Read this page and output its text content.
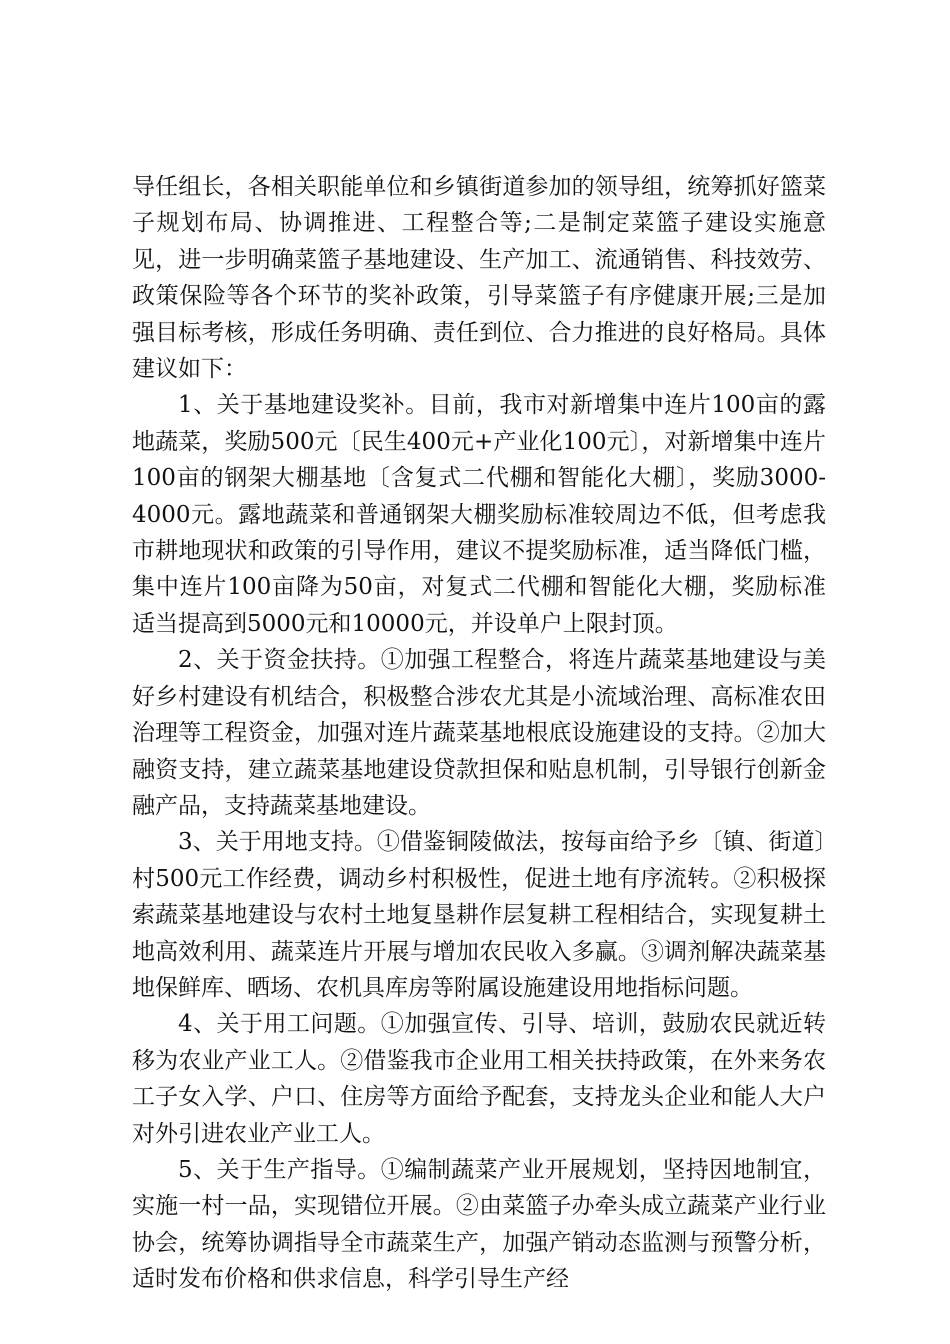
导任组长，各相关职能单位和乡镇街道参加的领导组，统筹抓好篮菜子规划布局、协调推进、工程整合等;二是制定菜篮子建设实施意见，进一步明确菜篮子基地建设、生产加工、流通销售、科技效劳、政策保险等各个环节的奖补政策，引导菜篮子有序健康开展;三是加强目标考核，形成任务明确、责任到位、合力推进的良好格局。具体建议如下：

1、关于基地建设奖补。目前，我市对新增集中连片100亩的露地蔬菜，奖励500元〔民生400元+产业化100元〕，对新增集中连片100亩的钢架大棚基地〔含复式二代棚和智能化大棚〕，奖励3000-4000元。露地蔬菜和普通钢架大棚奖励标准较周边不低，但考虑我市耕地现状和政策的引导作用，建议不提奖励标准，适当降低门槛，集中连片100亩降为50亩，对复式二代棚和智能化大棚，奖励标准适当提高到5000元和10000元，并设单户上限封顶。

2、关于资金扶持。①加强工程整合，将连片蔬菜基地建设与美好乡村建设有机结合，积极整合涉农尤其是小流域治理、高标准农田治理等工程资金，加强对连片蔬菜基地根底设施建设的支持。②加大融资支持，建立蔬菜基地建设贷款担保和贴息机制，引导银行创新金融产品，支持蔬菜基地建设。

3、关于用地支持。①借鉴铜陵做法，按每亩给予乡〔镇、街道〕村500元工作经费，调动乡村积极性，促进土地有序流转。②积极探索蔬菜基地建设与农村土地复垦耕作层复耕工程相结合，实现复耕土地高效利用、蔬菜连片开展与增加农民收入多赢。③调剂解决蔬菜基地保鲜库、晒场、农机具库房等附属设施建设用地指标问题。

4、关于用工问题。①加强宣传、引导、培训，鼓励农民就近转移为农业产业工人。②借鉴我市企业用工相关扶持政策，在外来务农工子女入学、户口、住房等方面给予配套，支持龙头企业和能人大户对外引进农业产业工人。

5、关于生产指导。①编制蔬菜产业开展规划，坚持因地制宜，实施一村一品，实现错位开展。②由菜篮子办牵头成立蔬菜产业行业协会，统筹协调指导全市蔬菜生产，加强产销动态监测与预警分析，适时发布价格和供求信息，科学引导生产经
